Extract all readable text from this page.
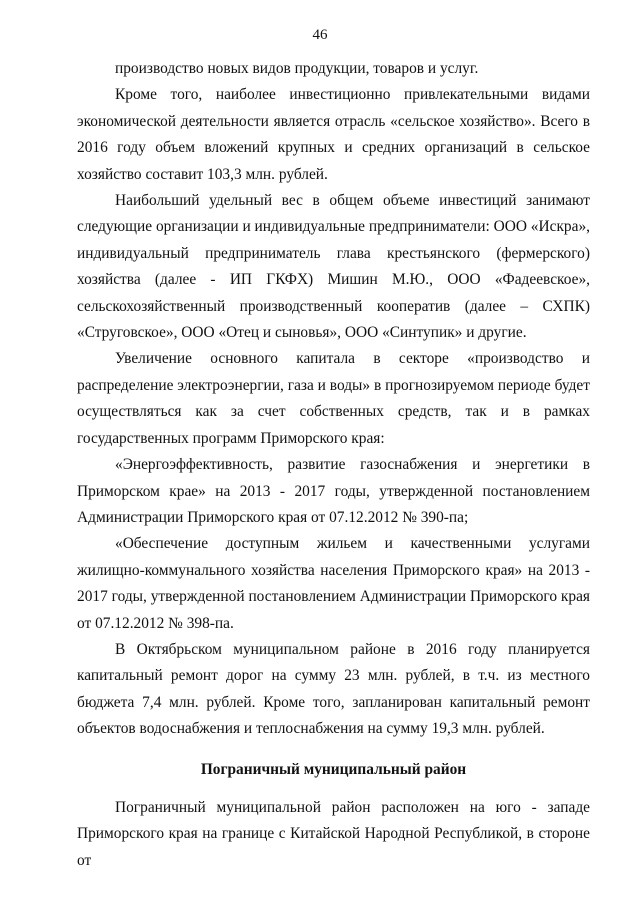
46

производство новых видов продукции, товаров и услуг.

Кроме того, наиболее инвестиционно привлекательными видами экономической деятельности является отрасль «сельское хозяйство». Всего в 2016 году объем вложений крупных и средних организаций в сельское хозяйство составит 103,3 млн. рублей.

Наибольший удельный вес в общем объеме инвестиций занимают следующие организации и индивидуальные предприниматели: ООО «Искра», индивидуальный предприниматель глава крестьянского (фермерского) хозяйства (далее - ИП ГКФХ) Мишин М.Ю., ООО «Фадеевское», сельскохозяйственный производственный кооператив (далее – СХПК) «Струговское», ООО «Отец и сыновья», ООО «Синтупик» и другие.

Увеличение основного капитала в секторе «производство и распределение электроэнергии, газа и воды» в прогнозируемом периоде будет осуществляться как за счет собственных средств, так и в рамках государственных программ Приморского края:

«Энергоэффективность, развитие газоснабжения и энергетики в Приморском крае» на 2013 - 2017 годы, утвержденной постановлением Администрации Приморского края от 07.12.2012 № 390-па;

«Обеспечение доступным жильем и качественными услугами жилищно-коммунального хозяйства населения Приморского края» на 2013 - 2017 годы, утвержденной постановлением Администрации Приморского края от 07.12.2012 № 398-па.

В Октябрьском муниципальном районе в 2016 году планируется капитальный ремонт дорог на сумму 23 млн. рублей, в т.ч. из местного бюджета 7,4 млн. рублей. Кроме того, запланирован капитальный ремонт объектов водоснабжения и теплоснабжения на сумму 19,3 млн. рублей.

Пограничный муниципальный район

Пограничный муниципальной район расположен на юго - западе Приморского края на границе с Китайской Народной Республикой, в стороне от
